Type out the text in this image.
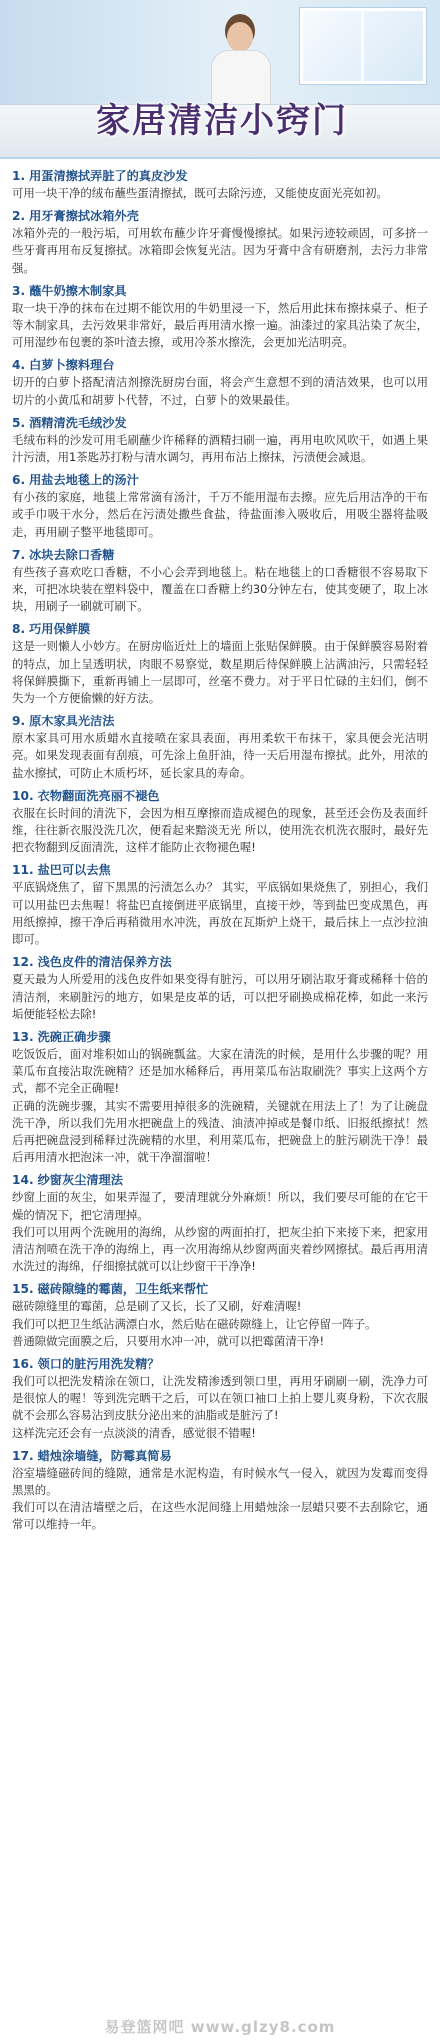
家居清洁小窍门
1. 用蛋清擦拭弄脏了的真皮沙发

可用一块干净的绒布蘸些蛋清擦拭，既可去除污迹，又能使皮面光亮如初。

2. 用牙膏擦拭冰箱外壳

冰箱外壳的一般污垢，可用软布蘸少许牙膏慢慢擦拭。如果污迹较顽固，可多挤一些牙膏再用布反复擦拭。冰箱即会恢复光洁。因为牙膏中含有研磨剂，去污力非常强。

3. 蘸牛奶擦木制家具

取一块干净的抹布在过期不能饮用的牛奶里浸一下，然后用此抹布擦抹桌子、柜子等木制家具，去污效果非常好，最后再用清水擦一遍。油漆过的家具沾染了灰尘，可用湿纱布包裹的茶叶渣去擦，或用冷茶水擦洗，会更加光洁明亮。

4. 白萝卜擦料理台

切开的白萝卜搭配清洁剂擦洗厨房台面，将会产生意想不到的清洁效果，也可以用切片的小黄瓜和胡萝卜代替，不过，白萝卜的效果最佳。

5. 酒精清洗毛绒沙发

毛绒布料的沙发可用毛刷蘸少许稀释的酒精扫刷一遍，再用电吹风吹干，如遇上果汁污渍，用1茶匙苏打粉与清水调匀，再用布沾上擦抹，污渍便会减退。

6. 用盐去地毯上的汤汁

有小孩的家庭，地毯上常常滴有汤汁，千万不能用湿布去擦。应先后用洁净的干布或手巾吸干水分，然后在污渍处撒些食盐，待盐面渗入吸收后，用吸尘器将盐吸走，再用刷子整平地毯即可。

7. 冰块去除口香糖

有些孩子喜欢吃口香糖，不小心会弄到地毯上。粘在地毯上的口香糖很不容易取下来，可把冰块装在塑料袋中，覆盖在口香糖上约30分钟左右，使其变硬了，取上冰块，用刷子一刷就可刷下。

8. 巧用保鲜膜

这是一则懒人小妙方。在厨房临近灶上的墙面上张贴保鲜膜。由于保鲜膜容易附着的特点，加上呈透明状，肉眼不易察觉，数星期后待保鲜膜上沾满油污，只需轻轻将保鲜膜撕下，重新再铺上一层即可，丝毫不费力。对于平日忙碌的主妇们，倒不失为一个方便偷懒的好方法。

9. 原木家具光洁法

原木家具可用水质蜡水直接喷在家具表面，再用柔软干布抹干，家具便会光洁明亮。如果发现表面有刮痕，可先涂上鱼肝油，待一天后用湿布擦拭。此外，用浓的盐水擦拭，可防止木质朽坏，延长家具的寿命。

10. 衣物翻面洗亮丽不褪色

衣服在长时间的清洗下，会因为相互摩擦而造成褪色的现象，甚至还会伤及表面纤维，往往新衣服没洗几次，便看起来黯淡无光 所以，使用洗衣机洗衣服时，最好先把衣物翻到反面清洗，这样才能防止衣物褪色喔!

11. 盐巴可以去焦

平底锅烧焦了，留下黑黑的污渍怎么办？ 其实，平底锅如果烧焦了，别担心，我们可以用盐巴去焦喔！将盐巴直接倒进平底锅里，直接干炒，等到盐巴变成黑色，再用纸擦掉，擦干净后再稍微用水冲洗，再放在瓦斯炉上烧干，最后抹上一点沙拉油即可。

12. 浅色皮件的清洁保养方法

夏天最为人所爱用的浅色皮件如果变得有脏污，可以用牙刷沾取牙膏或稀释十倍的清洁剂，来刷脏污的地方，如果是皮革的话，可以把牙刷换成棉花棒，如此一来污垢便能轻松去除!

13. 洗碗正确步骤

吃饭饭后，面对堆积如山的锅碗瓢盆。大家在清洗的时候，是用什么步骤的呢？用菜瓜布直接沾取洗碗精？还是加水稀释后，再用菜瓜布沾取刷洗？事实上这两个方式，都不完全正确喔!

正确的洗碗步骤，其实不需要用掉很多的洗碗精，关键就在用法上了！为了让碗盘洗干净，所以我们先用水把碗盘上的残渣、油渍冲掉或是餐巾纸、旧报纸擦拭！然后再把碗盘浸到稀释过洗碗精的水里，利用菜瓜布，把碗盘上的脏污刷洗干净！最后再用清水把泡沫一冲，就干净溜溜啦！

14. 纱窗灰尘清理法

纱窗上面的灰尘，如果弄湿了，要清理就分外麻烦！所以，我们要尽可能的在它干燥的情况下，把它清理掉。

我们可以用两个洗碗用的海绵，从纱窗的两面拍打，把灰尘拍下来接下来，把家用清洁剂喷在洗干净的海绵上，再一次用海绵从纱窗两面夹着纱网擦拭。最后再用清水洗过的海绵，仔细擦拭就可以让纱窗干干净净!

15. 磁砖隙缝的霉菌，卫生纸来帮忙

磁砖隙缝里的霉菌，总是刷了又长，长了又刷，好难清喔!

我们可以把卫生纸沾满漂白水，然后贴在磁砖隙缝上，让它停留一阵子。

普通隙做完面膜之后，只要用水冲一冲，就可以把霉菌清干净!

16. 领口的脏污用洗发精？

我们可以把洗发精涂在领口，让洗发精渗透到领口里，再用牙刷刷一刷，洗净力可是很惊人的喔！等到洗完晒干之后，可以在领口袖口上拍上婴儿爽身粉，下次衣服就不会那么容易沾到皮肤分泌出来的油脂或是脏污了!

这样洗完还会有一点淡淡的清香，感觉很不错喔!

17. 蜡烛涂墙缝，防霉真简易

浴室墙缝磁砖间的缝隙，通常是水泥构造，有时候水气一侵入，就因为发霉而变得黑黑的。

我们可以在清洁墙壁之后，在这些水泥间缝上用蜡烛涂一层蜡只要不去刮除它，通常可以维持一年。

易登篮网吧 www.glzy8.com
